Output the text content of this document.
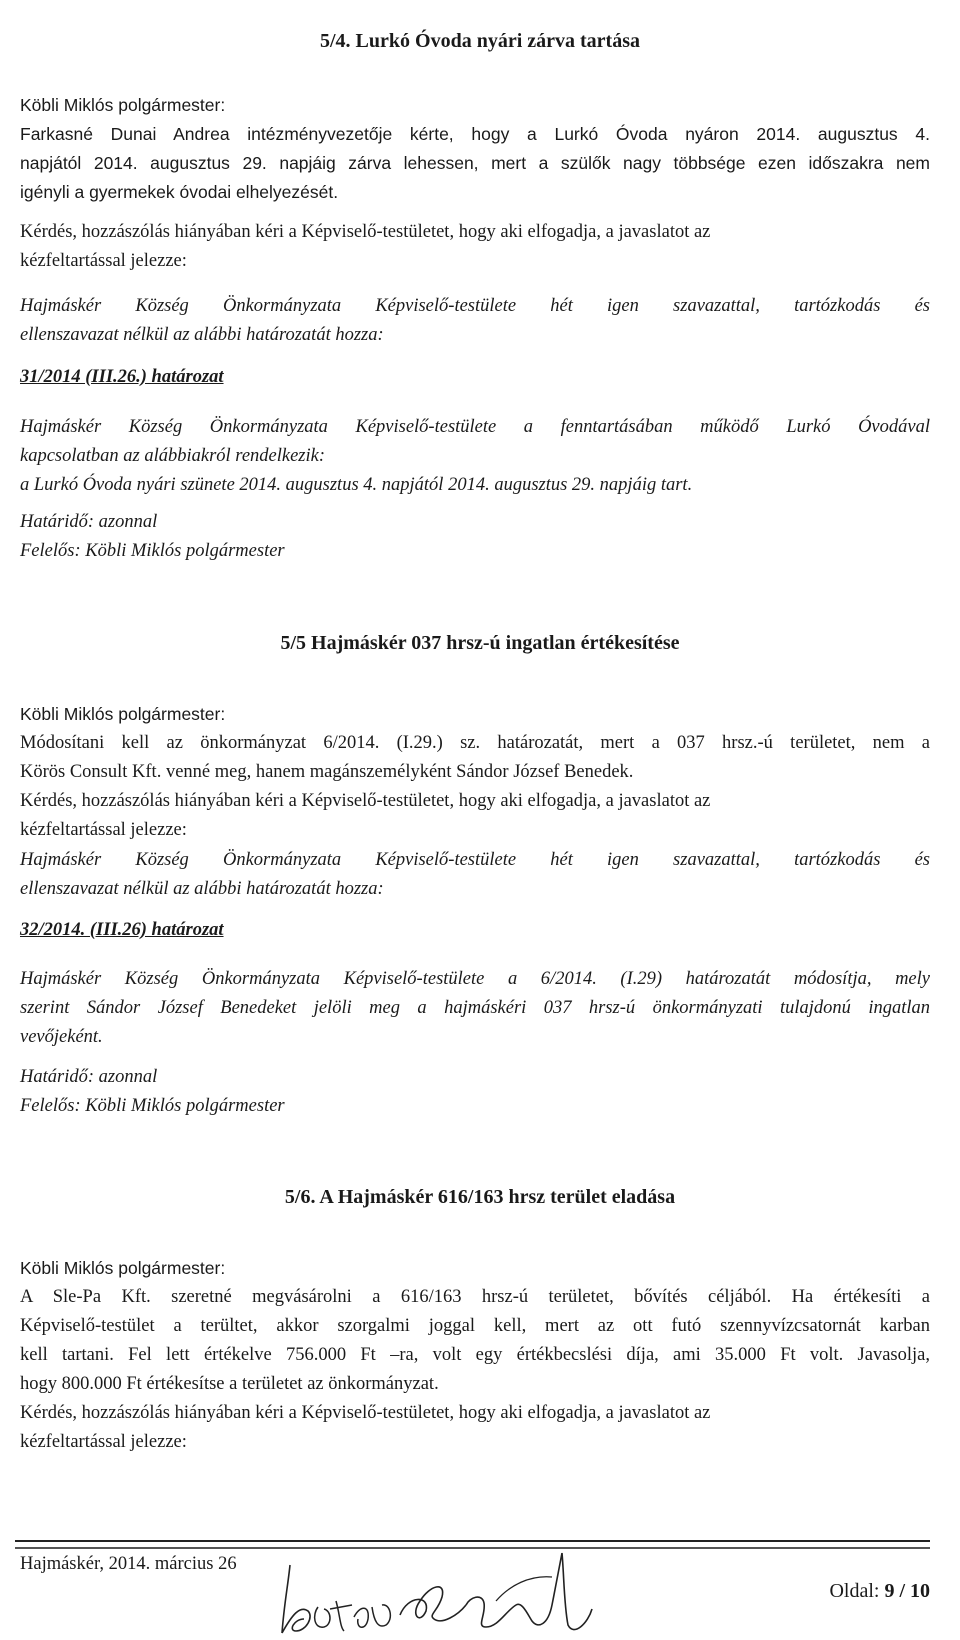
5/4. Lurkó Óvoda nyári zárva tartása
Köbli Miklós polgármester:
Farkasné Dunai Andrea intézményvezetője kérte, hogy a Lurkó Óvoda nyáron 2014. augusztus 4.
napjától 2014. augusztus 29. napjáig zárva lehessen, mert a szülők nagy többsége ezen időszakra nem
igényli a gyermekek óvodai elhelyezését.
Kérdés, hozzászólás hiányában kéri a Képviselő-testületet, hogy aki elfogadja, a javaslatot az
kézfeltartással jelezze:
Hajmáskér Község Önkormányzata Képviselő-testülete hét igen szavazattal, tartózkodás és
ellenszavazat nélkül az alábbi határozatát hozza:
31/2014 (III.26.) határozat
Hajmáskér Község Önkormányzata Képviselő-testülete a fenntartásában működő Lurkó Óvodával
kapcsolatban az alábbiakról rendelkezik:
a Lurkó Óvoda nyári szünete 2014. augusztus 4. napjától 2014. augusztus 29. napjáig tart.
Határidő: azonnal
Felelős: Köbli Miklós polgármester
5/5 Hajmáskér 037 hrsz-ú ingatlan értékesítése
Köbli Miklós polgármester:
Módosítani kell az önkormányzat 6/2014. (I.29.) sz. határozatát, mert a 037 hrsz.-ú területet, nem a
Körös Consult Kft. venné meg, hanem magánszemélyként Sándor József Benedek.
Kérdés, hozzászólás hiányában kéri a Képviselő-testületet, hogy aki elfogadja, a javaslatot az
kézfeltartással jelezze:
Hajmáskér Község Önkormányzata Képviselő-testülete hét igen szavazattal, tartózkodás és
ellenszavazat nélkül az alábbi határozatát hozza:
32/2014. (III.26) határozat
Hajmáskér Község Önkormányzata Képviselő-testülete a 6/2014. (I.29) határozatát módosítja, mely
szerint Sándor József Benedeket jelöli meg a hajmáskéri 037 hrsz-ú önkormányzati tulajdonú ingatlan
vevőjeként.
Határidő: azonnal
Felelős: Köbli Miklós polgármester
5/6. A Hajmáskér 616/163 hrsz terület eladása
Köbli Miklós polgármester:
A Sle-Pa Kft. szeretné megvásárolni a 616/163 hrsz-ú területet, bővítés céljából. Ha értékesíti a
Képviselő-testület a terültet, akkor szorgalmi joggal kell, mert az ott futó szennyvízcsatornát karban
kell tartani. Fel lett értékelve 756.000 Ft –ra, volt egy értékbecslési díja, ami 35.000 Ft volt. Javasolja,
hogy 800.000 Ft értékesítse a területet az önkormányzat.
Kérdés, hozzászólás hiányában kéri a Képviselő-testületet, hogy aki elfogadja, a javaslatot az
kézfeltartással jelezze:
Hajmáskér, 2014. március 26
Oldal: 9 / 10
